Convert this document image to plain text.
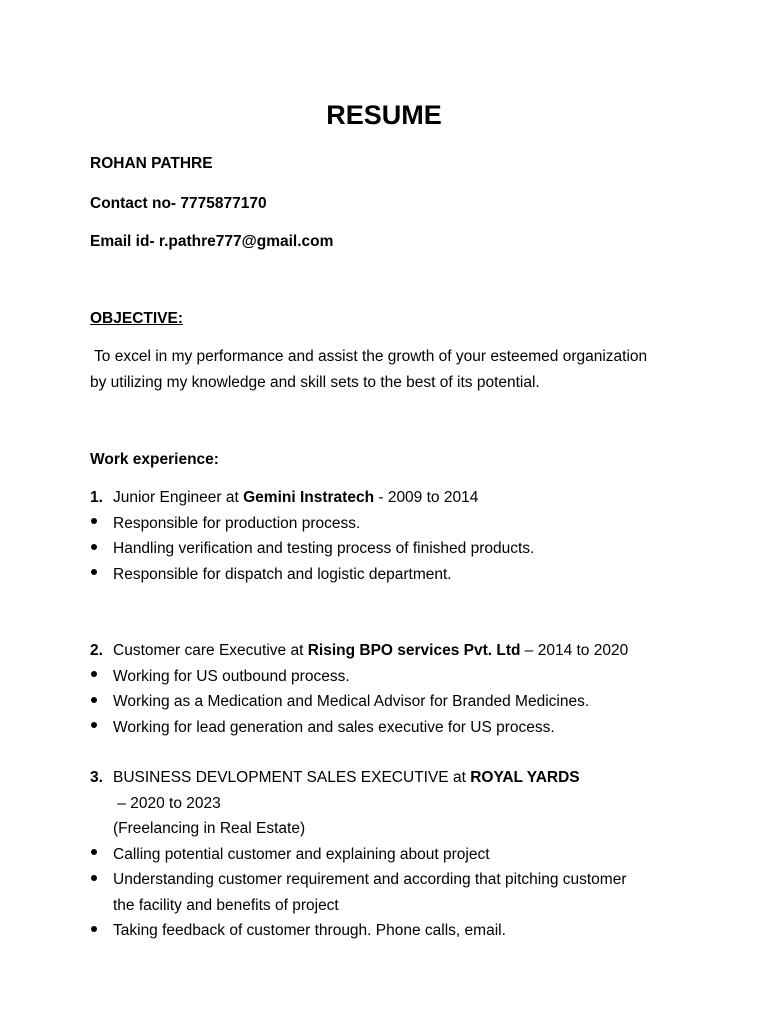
RESUME
ROHAN PATHRE
Contact no- 7775877170
Email id- r.pathre777@gmail.com
OBJECTIVE:
To excel in my performance and assist the growth of your esteemed organization
by utilizing my knowledge and skill sets to the best of its potential.
Work experience:
1. Junior Engineer at Gemini Instratech - 2009 to 2014
Responsible for production process.
Handling verification and testing process of finished products.
Responsible for dispatch and logistic department.
2. Customer care Executive at Rising BPO services Pvt. Ltd – 2014 to 2020
Working for US outbound process.
Working as a Medication and Medical Advisor for Branded Medicines.
Working for lead generation and sales executive for US process.
3. BUSINESS DEVLOPMENT SALES EXECUTIVE at ROYAL YARDS – 2020 to 2023
(Freelancing in Real Estate)
Calling potential customer and explaining about project
Understanding customer requirement and according that pitching customer
the facility and benefits of project
Taking feedback of customer through. Phone calls, email.
